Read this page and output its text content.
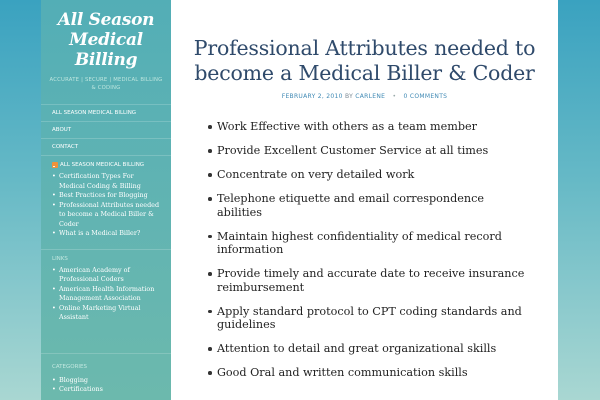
All Season
Medical Billing
ACCURATE | SECURE | MEDICAL BILLING & CODING
ALL SEASON MEDICAL BILLING
ABOUT
CONTACT
ALL SEASON MEDICAL BILLING
• Certification Types For Medical Coding & Billing
• Best Practices for Blogging
• Professional Attributes needed to become a Medical Biller & Coder
• What is a Medical Biller?
LINKS
• American Academy of Professional Coders
• American Health Information Management Association
• Online Marketing Virtual Assistant
CATEGORIES
• Blogging
• Certifications
Professional Attributes needed to become a Medical Biller & Coder
FEBRUARY 2, 2010 BY CARLENE • 0 COMMENTS
Work Effective with others as a team member
Provide Excellent Customer Service at all times
Concentrate on very detailed work
Telephone etiquette and email correspondence abilities
Maintain highest confidentiality of medical record information
Provide timely and accurate date to receive insurance reimbursement
Apply standard protocol to CPT coding standards and guidelines
Attention to detail and great organizational skills
Good Oral and written communication skills
